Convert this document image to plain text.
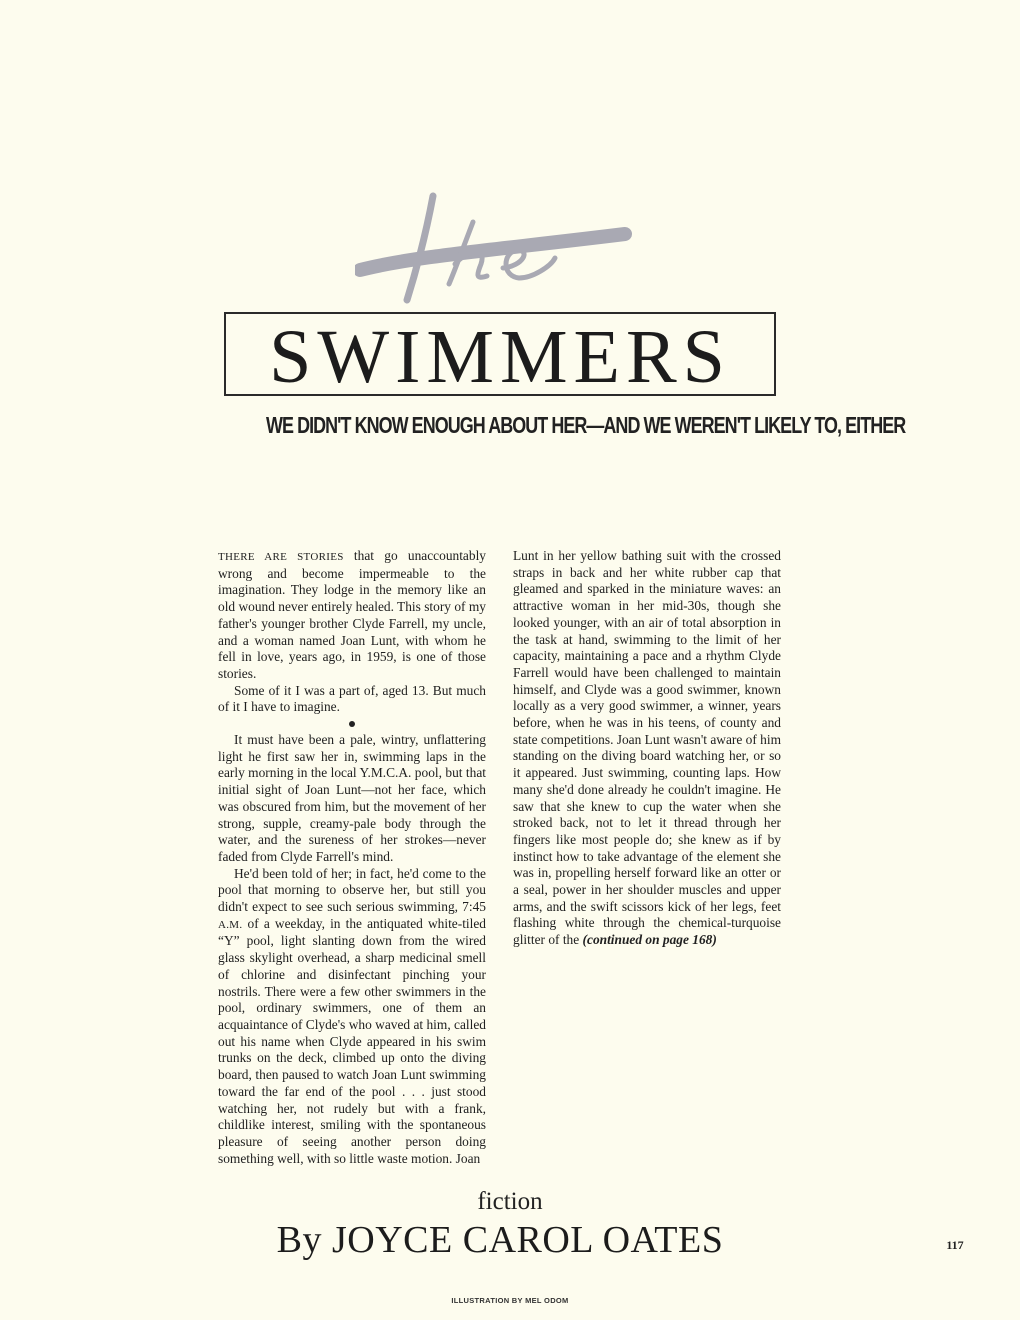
SWIMMERS
WE DIDN'T KNOW ENOUGH ABOUT HER—AND WE WEREN'T LIKELY TO, EITHER

THERE ARE STORIES that go unaccountably wrong and become impermeable to the imagination. They lodge in the memory like an old wound never entirely healed. This story of my father's younger brother Clyde Farrell, my uncle, and a woman named Joan Lunt, with whom he fell in love, years ago, in 1959, is one of those stories.

Some of it I was a part of, aged 13. But much of it I have to imagine.

It must have been a pale, wintry, unflattering light he first saw her in, swimming laps in the early morning in the local Y.M.C.A. pool, but that initial sight of Joan Lunt—not her face, which was obscured from him, but the movement of her strong, supple, creamy-pale body through the water, and the sureness of her strokes—never faded from Clyde Farrell's mind.

He'd been told of her; in fact, he'd come to the pool that morning to observe her, but still you didn't expect to see such serious swimming, 7:45 A.M. of a weekday, in the antiquated white-tiled “Y” pool, light slanting down from the wired glass skylight overhead, a sharp medicinal smell of chlorine and disinfectant pinching your nostrils. There were a few other swimmers in the pool, ordinary swimmers, one of them an acquaintance of Clyde's who waved at him, called out his name when Clyde appeared in his swim trunks on the deck, climbed up onto the diving board, then paused to watch Joan Lunt swimming toward the far end of the pool . . . just stood watching her, not rudely but with a frank, childlike interest, smiling with the spontaneous pleasure of seeing another person doing something well, with so little waste motion. Joan

Lunt in her yellow bathing suit with the crossed straps in back and her white rubber cap that gleamed and sparked in the miniature waves: an attractive woman in her mid-30s, though she looked younger, with an air of total absorption in the task at hand, swimming to the limit of her capacity, maintaining a pace and a rhythm Clyde Farrell would have been challenged to maintain himself, and Clyde was a good swimmer, known locally as a very good swimmer, a winner, years before, when he was in his teens, of county and state competitions. Joan Lunt wasn't aware of him standing on the diving board watching her, or so it appeared. Just swimming, counting laps. How many she'd done already he couldn't imagine. He saw that she knew to cup the water when she stroked back, not to let it thread through her fingers like most people do; she knew as if by instinct how to take advantage of the element she was in, propelling herself forward like an otter or a seal, power in her shoulder muscles and upper arms, and the swift scissors kick of her legs, feet flashing white through the chemical-turquoise glitter of the (continued on page 168)

fiction
By JOYCE CAROL OATES	117
ILLUSTRATION BY MEL ODOM
